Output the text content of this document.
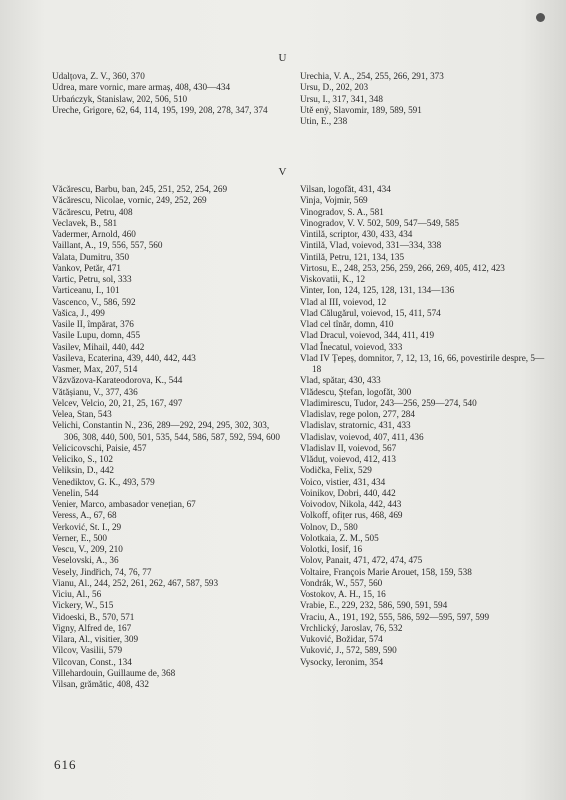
U
Udalțova, Z. V., 360, 370
Udrea, mare vornic, mare armaș, 408, 430—434
Urbańczyk, Stanislaw, 202, 506, 510
Ureche, Grigore, 62, 64, 114, 195, 199, 208, 278, 347, 374
Urechia, V. A., 254, 255, 266, 291, 373
Ursu, D., 202, 203
Ursu, I., 317, 341, 348
Utě enÿ, Slavomir, 189, 589, 591
Utin, E., 238
V
Văcărescu, Barbu, ban, 245, 251, 252, 254, 269
Văcărescu, Nicolae, vornic, 249, 252, 269
Văcărescu, Petru, 408
Veclavek, B., 581
Vadermer, Arnold, 460
Vaillant, A., 19, 556, 557, 560
Valata, Dumitru, 350
Vankov, Petăr, 471
Vartic, Petru, sol, 333
Varticeanu, I., 101
Vascenco, V., 586, 592
Vašica, J., 499
Vasile II, împărat, 376
Vasile Lupu, domn, 455
Vasilev, Mihail, 440, 442
Vasileva, Ecaterina, 439, 440, 442, 443
Vasmer, Max, 207, 514
Văzvăzova-Karateodorova, K., 544
Vătășianu, V., 377, 436
Velcev, Velcio, 20, 21, 25, 167, 497
Velea, Stan, 543
Velichi, Constantin N., 236, 289—292, 294, 295, 302, 303, 306, 308, 440, 500, 501, 535, 544, 586, 587, 592, 594, 600
Velicicovschi, Paisie, 457
Veliciko, S., 102
Veliksin, D., 442
Venediktov, G. K., 493, 579
Venelin, 544
Venier, Marco, ambasador venețian, 67
Veress, A., 67, 68
Verković, St. I., 29
Verner, E., 500
Vescu, V., 209, 210
Veselovski, A., 36
Vesely, Jindřich, 74, 76, 77
Vianu, Al., 244, 252, 261, 262, 467, 587, 593
Viciu, Al., 56
Vickery, W., 515
Vidoeski, B., 570, 571
Vigny, Alfred de, 167
Vilara, Al., visitier, 309
Vilcov, Vasilii, 579
Vilcovan, Const., 134
Villehardouin, Guillaume de, 368
Vilsan, grămătic, 408, 432
Vilsan, logofăt, 431, 434
Vinja, Vojmir, 569
Vinogradov, S. A., 581
Vinogradov, V. V. 502, 509, 547—549, 585
Vintilă, scriptor, 430, 433, 434
Vintilă, Vlad, voievod, 331—334, 338
Vintilă, Petru, 121, 134, 135
Virtosu, E., 248, 253, 256, 259, 266, 269, 405, 412, 423
Viskovatii, K., 12
Vinter, Ion, 124, 125, 128, 131, 134—136
Vlad al III, voievod, 12
Vlad Călugărul, voievod, 15, 411, 574
Vlad cel tînăr, domn, 410
Vlad Dracul, voievod, 344, 411, 419
Vlad Înecatul, voievod, 333
Vlad IV Țepeș, domnitor, 7, 12, 13, 16, 66, povestirile despre, 5—18
Vlad, spătar, 430, 433
Vlădescu, Ștefan, logofăt, 300
Vladimirescu, Tudor, 243—256, 259—274, 540
Vladislav, rege polon, 277, 284
Vladislav, stratornic, 431, 433
Vladislav, voievod, 407, 411, 436
Vladislav II, voievod, 567
Vlăduț, voievod, 412, 413
Vodička, Felix, 529
Voico, vistier, 431, 434
Voinikov, Dobri, 440, 442
Voivodov, Nikola, 442, 443
Volkoff, ofițer rus, 468, 469
Volnov, D., 580
Volotkaia, Z. M., 505
Volotki, Iosif, 16
Volov, Panait, 471, 472, 474, 475
Voltaire, François Marie Arouet, 158, 159, 538
Vondrák, W., 557, 560
Vostokov, A. H., 15, 16
Vrabie, E., 229, 232, 586, 590, 591, 594
Vraciu, A., 191, 192, 555, 586, 592—595, 597, 599
Vrchlický, Jaroslav, 76, 532
Vuković, Božidar, 574
Vuković, J., 572, 589, 590
Vysocky, Ieronim, 354
616
